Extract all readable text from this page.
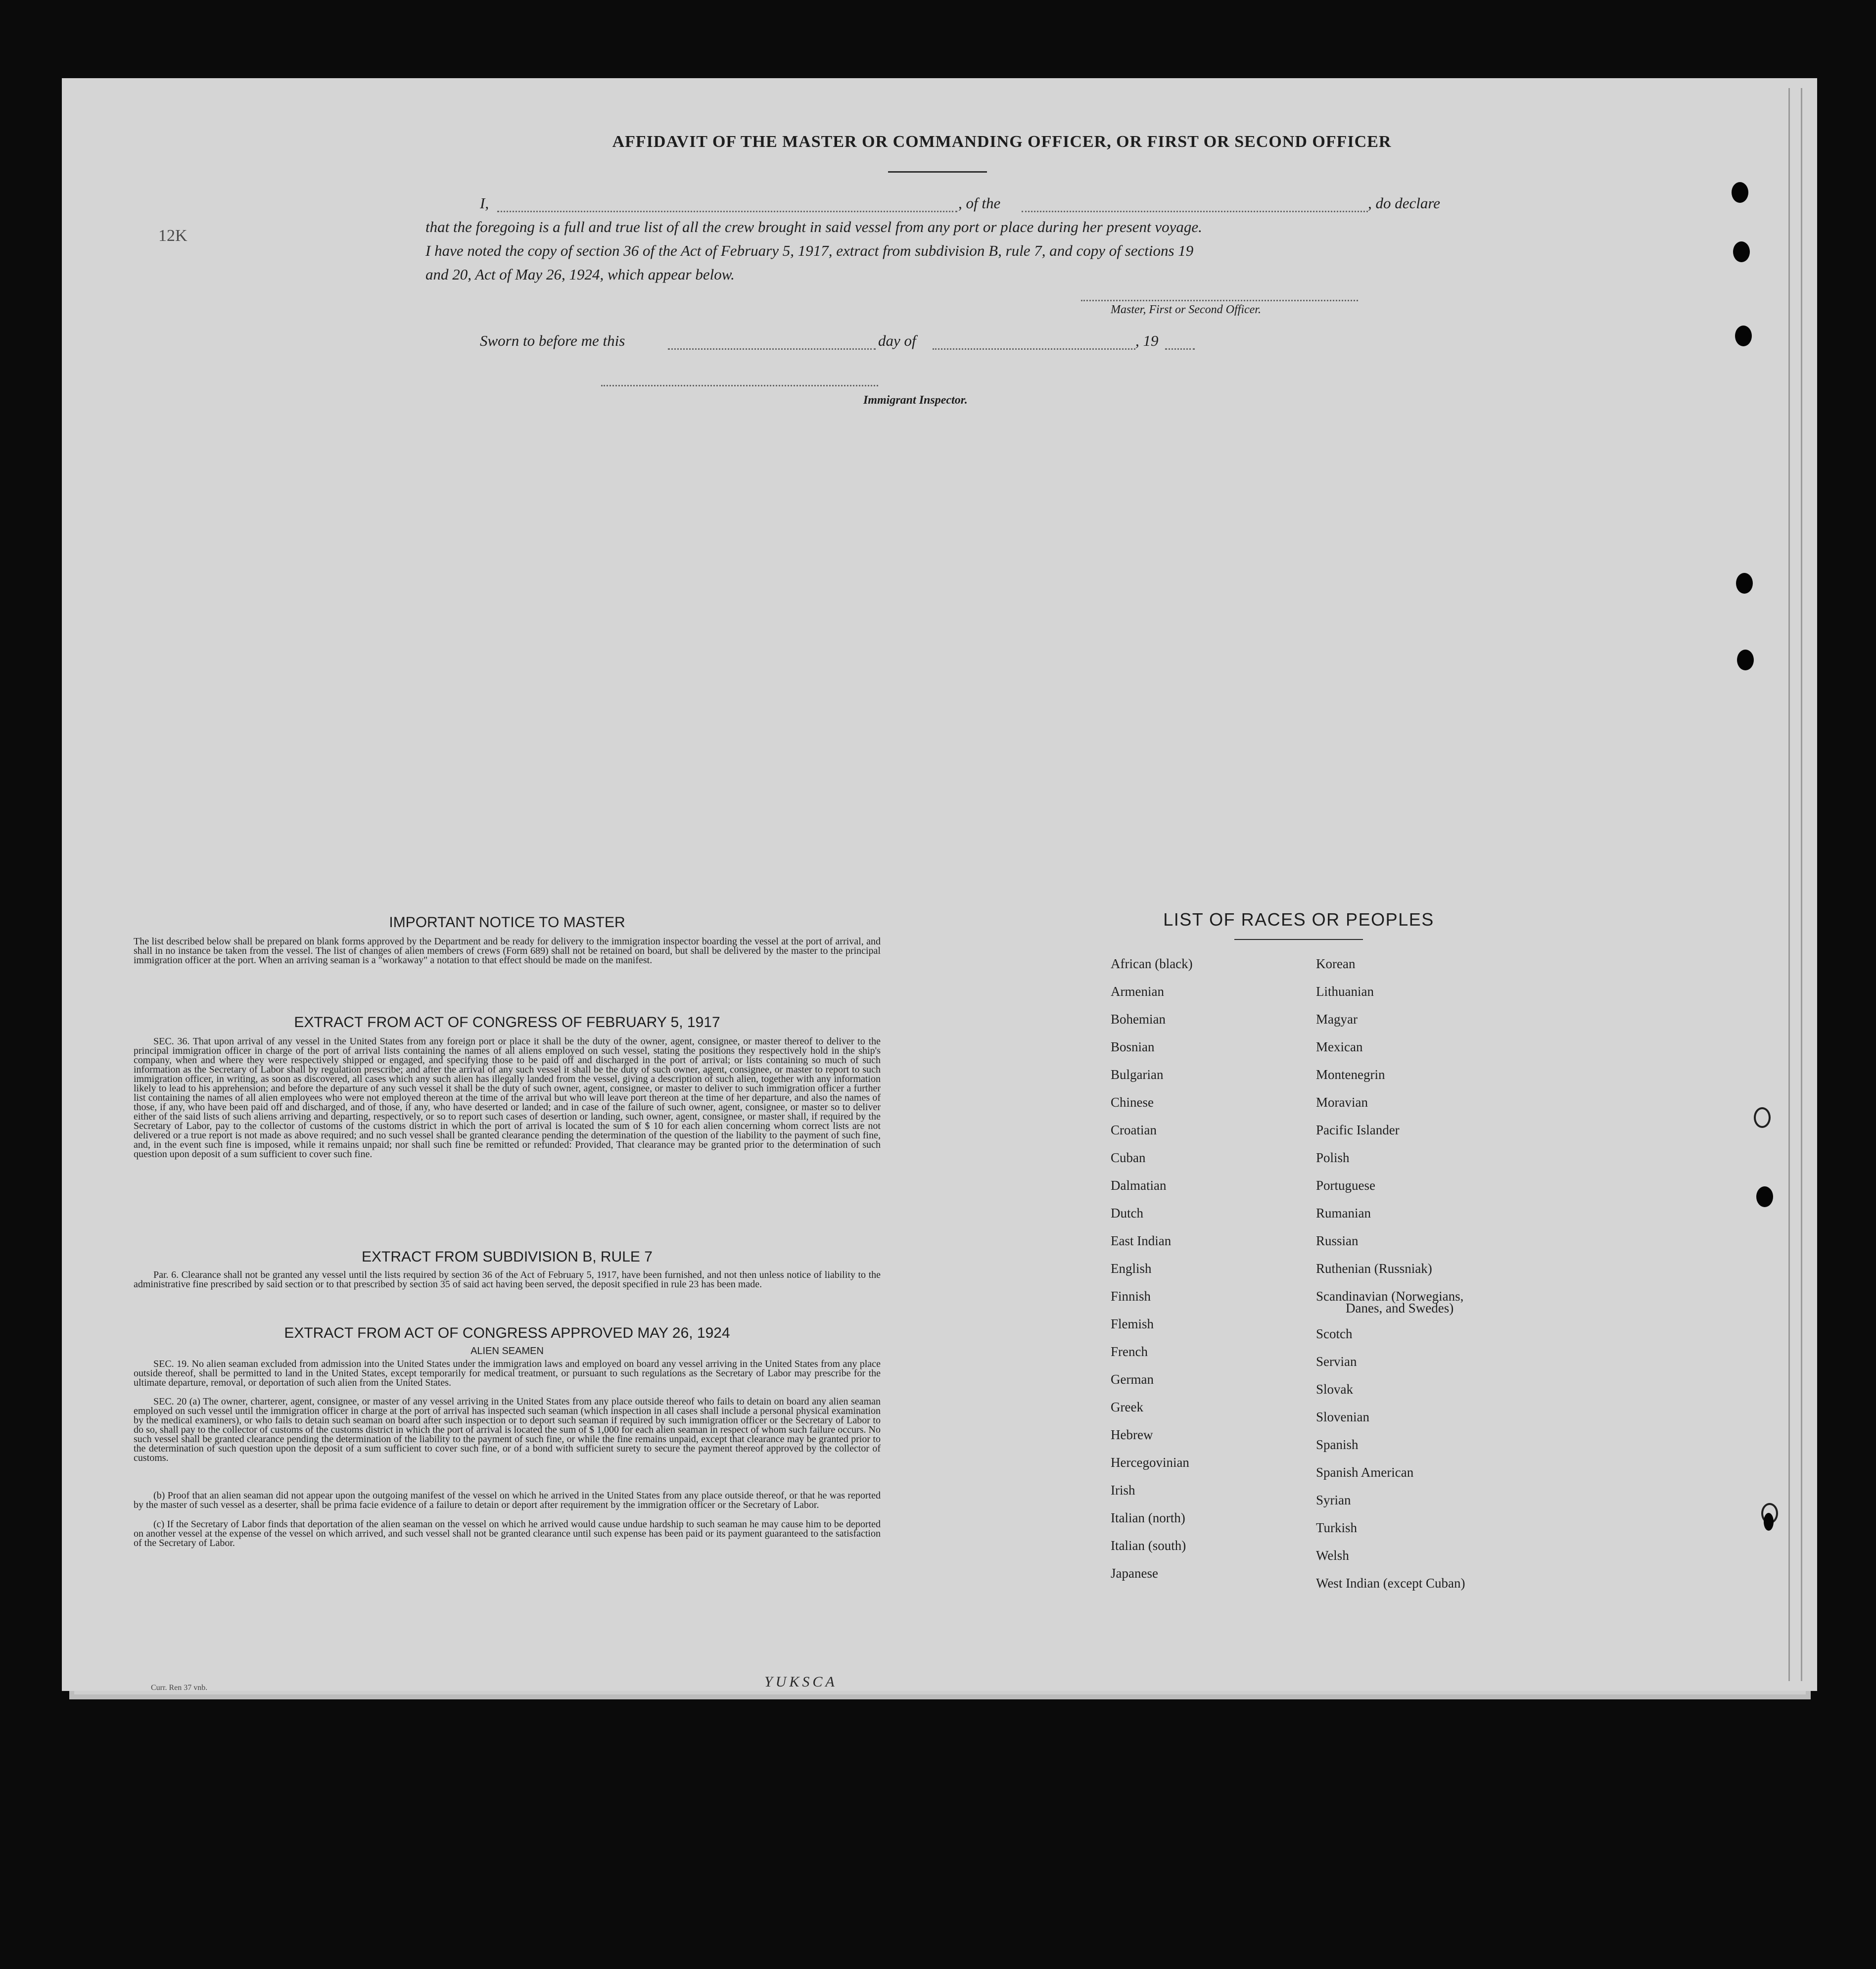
12K
AFFIDAVIT OF THE MASTER OR COMMANDING OFFICER, OR FIRST OR SECOND OFFICER
I,	, of the	, do declare
that the foregoing is a full and true list of all the crew brought in said vessel from any port or place during her present voyage.
I have noted the copy of section 36 of the Act of February 5, 1917, extract from subdivision B, rule 7, and copy of sections 19
and 20, Act of May 26, 1924, which appear below.
Master, First or Second Officer.
Sworn to before me this	day of	, 19
Immigrant Inspector.
IMPORTANT NOTICE TO MASTER
The list described below shall be prepared on blank forms approved by the Department and be ready for delivery to the immigration inspector boarding the vessel at the port of arrival, and shall in no instance be taken from the vessel. The list of changes of alien members of crews (Form 689) shall not be retained on board, but shall be delivered by the master to the principal immigration officer at the port. When an arriving seaman is a "workaway" a notation to that effect should be made on the manifest.
EXTRACT FROM ACT OF CONGRESS OF FEBRUARY 5, 1917
SEC. 36. That upon arrival of any vessel in the United States from any foreign port or place it shall be the duty of the owner, agent, consignee, or master thereof to deliver to the principal immigration officer in charge of the port of arrival lists containing the names of all aliens employed on such vessel, stating the positions they respectively hold in the ship's company, when and where they were respectively shipped or engaged, and specifying those to be paid off and discharged in the port of arrival; or lists containing so much of such information as the Secretary of Labor shall by regulation prescribe; and after the arrival of any such vessel it shall be the duty of such owner, agent, consignee, or master to report to such immigration officer, in writing, as soon as discovered, all cases which any such alien has illegally landed from the vessel, giving a description of such alien, together with any information likely to lead to his apprehension; and before the departure of any such vessel it shall be the duty of such owner, agent, consignee, or master to deliver to such immigration officer a further list containing the names of all alien employees who were not employed thereon at the time of the arrival but who will leave port thereon at the time of her departure, and also the names of those, if any, who have been paid off and discharged, and of those, if any, who have deserted or landed; and in case of the failure of such owner, agent, consignee, or master so to deliver either of the said lists of such aliens arriving and departing, respectively, or so to report such cases of desertion or landing, such owner, agent, consignee, or master shall, if required by the Secretary of Labor, pay to the collector of customs of the customs district in which the port of arrival is located the sum of $ 10 for each alien concerning whom correct lists are not delivered or a true report is not made as above required; and no such vessel shall be granted clearance pending the determination of the question of the liability to the payment of such fine, and, in the event such fine is imposed, while it remains unpaid; nor shall such fine be remitted or refunded: Provided, That clearance may be granted prior to the determination of such question upon deposit of a sum sufficient to cover such fine.
EXTRACT FROM SUBDIVISION B, RULE 7
Par. 6. Clearance shall not be granted any vessel until the lists required by section 36 of the Act of February 5, 1917, have been furnished, and not then unless notice of liability to the administrative fine prescribed by said section or to that prescribed by section 35 of said act having been served, the deposit specified in rule 23 has been made.
EXTRACT FROM ACT OF CONGRESS APPROVED MAY 26, 1924
ALIEN SEAMEN
SEC. 19. No alien seaman excluded from admission into the United States under the immigration laws and employed on board any vessel arriving in the United States from any place outside thereof, shall be permitted to land in the United States, except temporarily for medical treatment, or pursuant to such regulations as the Secretary of Labor may prescribe for the ultimate departure, removal, or deportation of such alien from the United States.
SEC. 20 (a) The owner, charterer, agent, consignee, or master of any vessel arriving in the United States from any place outside thereof who fails to detain on board any alien seaman employed on such vessel until the immigration officer in charge at the port of arrival has inspected such seaman (which inspection in all cases shall include a personal physical examination by the medical examiners), or who fails to detain such seaman on board after such inspection or to deport such seaman if required by such immigration officer or the Secretary of Labor to do so, shall pay to the collector of customs of the customs district in which the port of arrival is located the sum of $ 1,000 for each alien seaman in respect of whom such failure occurs. No such vessel shall be granted clearance pending the determination of the liability to the payment of such fine, or while the fine remains unpaid, except that clearance may be granted prior to the determination of such question upon the deposit of a sum sufficient to cover such fine, or of a bond with sufficient surety to secure the payment thereof approved by the collector of customs.
(b) Proof that an alien seaman did not appear upon the outgoing manifest of the vessel on which he arrived in the United States from any place outside thereof, or that he was reported by the master of such vessel as a deserter, shall be prima facie evidence of a failure to detain or deport after requirement by the immigration officer or the Secretary of Labor.
(c) If the Secretary of Labor finds that deportation of the alien seaman on the vessel on which he arrived would cause undue hardship to such seaman he may cause him to be deported on another vessel at the expense of the vessel on which arrived, and such vessel shall not be granted clearance until such expense has been paid or its payment guaranteed to the satisfaction of the Secretary of Labor.
LIST OF RACES OR PEOPLES
African (black)
Armenian
Bohemian
Bosnian
Bulgarian
Chinese
Croatian
Cuban
Dalmatian
Dutch
East Indian
English
Finnish
Flemish
French
German
Greek
Hebrew
Hercegovinian
Irish
Italian (north)
Italian (south)
Japanese
Korean
Lithuanian
Magyar
Mexican
Montenegrin
Moravian
Pacific Islander
Polish
Portuguese
Rumanian
Russian
Ruthenian (Russniak)
Scandinavian (Norwegians,
Danes, and Swedes)
Scotch
Servian
Slovak
Slovenian
Spanish
Spanish American
Syrian
Turkish
Welsh
West Indian (except Cuban)
Curr. Ren 37 vnb.	YUKSCA
